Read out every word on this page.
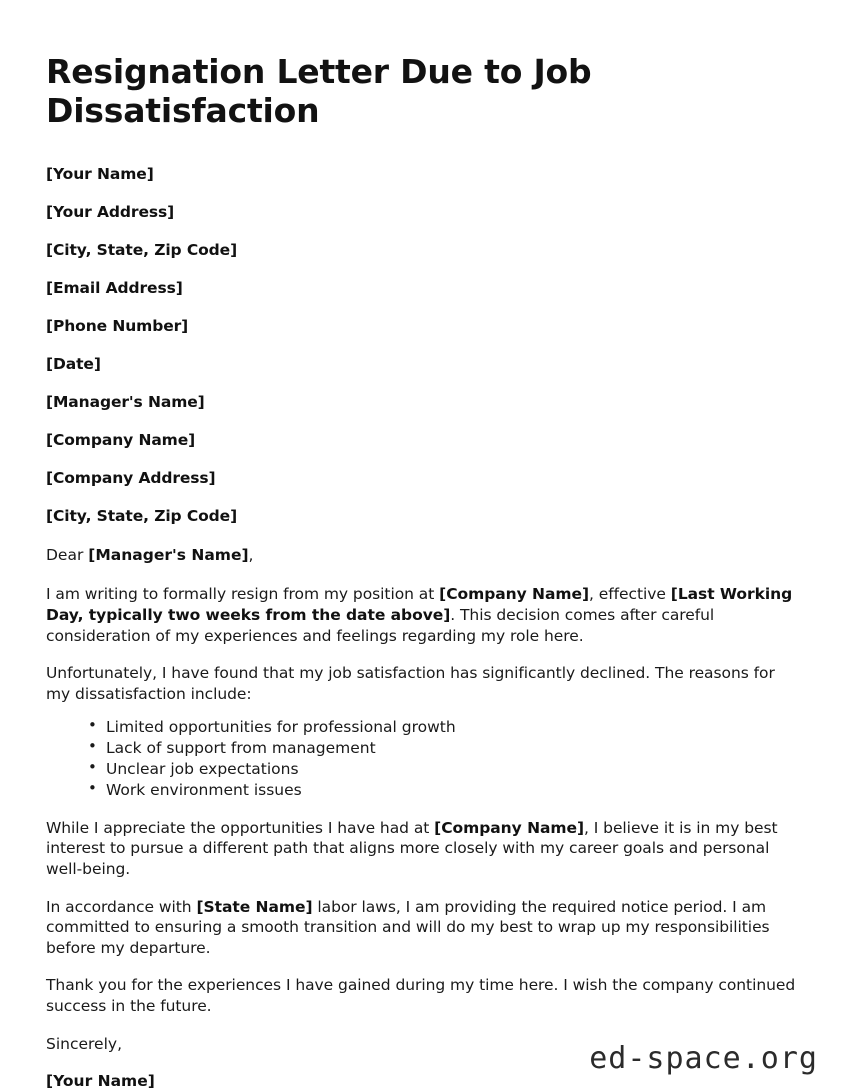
Resignation Letter Due to Job Dissatisfaction

[Your Name]

[Your Address]

[City, State, Zip Code]

[Email Address]

[Phone Number]

[Date]

[Manager's Name]

[Company Name]

[Company Address]

[City, State, Zip Code]

Dear [Manager's Name],

I am writing to formally resign from my position at [Company Name], effective [Last Working Day, typically two weeks from the date above]. This decision comes after careful consideration of my experiences and feelings regarding my role here.

Unfortunately, I have found that my job satisfaction has significantly declined. The reasons for my dissatisfaction include:

• Limited opportunities for professional growth
• Lack of support from management
• Unclear job expectations
• Work environment issues

While I appreciate the opportunities I have had at [Company Name], I believe it is in my best interest to pursue a different path that aligns more closely with my career goals and personal well-being.

In accordance with [State Name] labor laws, I am providing the required notice period. I am committed to ensuring a smooth transition and will do my best to wrap up my responsibilities before my departure.

Thank you for the experiences I have gained during my time here. I wish the company continued success in the future.

Sincerely,

[Your Name]

ed-space.org
